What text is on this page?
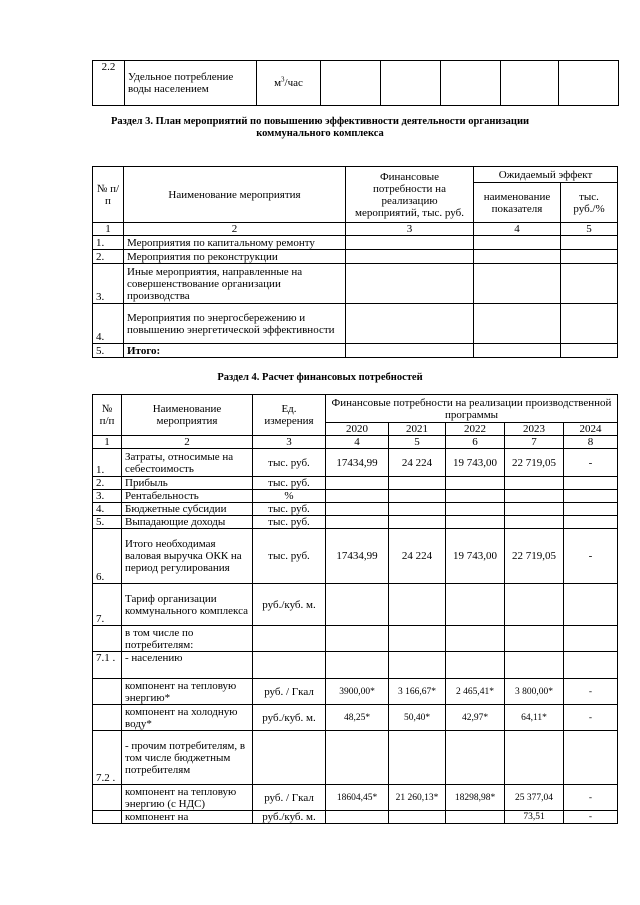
2.2	Удельное потребление воды населением	$м^3$/час					
Раздел 3. План мероприятий по повышению эффективности деятельности организации
коммунального комплекса
№ п/п	Наименование мероприятия	Финансовые потребности на реализацию мероприятий, тыс. руб.	Ожидаемый эффект	
			наименование показателя	тыс. руб./%
1	2	3	4	5
1.	Мероприятия по капитальному ремонту			
2.	Мероприятия по реконструкции			
3.	Иные мероприятия, направленные на совершенствование организации производства			
4.	Мероприятия по энергосбережению и повышению энергетической эффективности			
5.	Итого:			
Раздел 4. Расчет финансовых потребностей
№ п/п	Наименование мероприятия	Ед. измерения	Финансовые потребности на реализации производственной программы				
			2020	2021	2022	2023	2024
1	2	3	4	5	6	7	8
1.	Затраты, относимые на себестоимость	тыс. руб.	17434,99	24 224	19 743,00	22 719,05	-
2.	Прибыль	тыс. руб.					
3.	Рентабельность	%					
4.	Бюджетные субсидии	тыс. руб.					
5.	Выпадающие доходы	тыс. руб.					
6.	Итого необходимая валовая выручка ОКК на период регулирования	тыс. руб.	17434,99	24 224	19 743,00	22 719,05	-
7.	Тариф организации коммунального комплекса	руб./куб. м.					
	в том числе по потребителям:						
7.1 .	- населению						
	компонент на тепловую энергию*	руб. / Гкал	3900,00*	3 166,67*	2 465,41*	3 800,00*	-
	компонент на холодную воду*	руб./куб. м.	48,25*	50,40*	42,97*	64,11*	-
7.2 .	- прочим потребителям, в том числе бюджетным потребителям						
	компонент на тепловую энергию (с НДС)	руб. / Гкал	18604,45*	21 260,13*	18298,98*	25 377,04	-
	компонент на	руб./куб. м.				73,51	-
